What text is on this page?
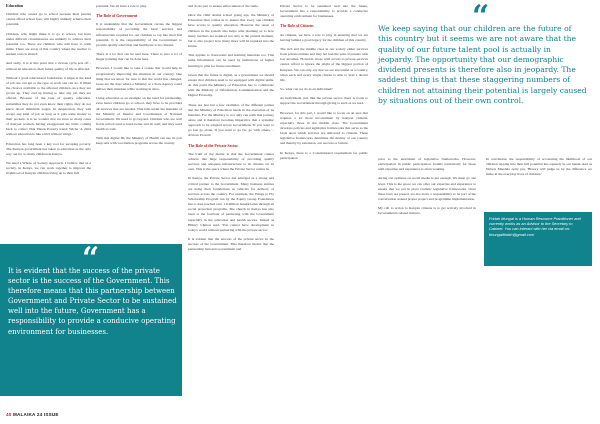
Education

Children who cannot go to school because their parents cannot afford school fees, will highly unlikely achieve their potential.

Children, who might make it to go to school, but have under difficult circumstances are unlikely to achieve their potential too. There are children who still have to walk miles. There are areas of this country where the teacher to student ratio is absurd.

And sadly, it is at this point that a vicious cycle sets off - without an education, their future quality of life is affected.

Without a good educational foundation, it impacts the kind of job one can get or the type of work one can do. It limits the choices available to the affected children once they are grown up. They end up having to take any job they are offered. Because of the lack of quality education, sometimes they do not even know their rights, they do not know about minimum wages. In desperation, they will accept any kind of job as long as it puts some money to their pockets. It is no wonder that we have so many cases of Kenyan workers having exaggerated the truth, coming back to collect This Tiktok Poverty trend: Wiche 'A child without education is like a bird without wings.'

Education has long been a key tool for escaping poverty. The Kenyan government has taken to education as the only way out for so many children in Kenya.

We need a Whole of Society Approach. I believe that as a society, in Kenya, we can work together to improve the livelihood of Kenyan children living up to their full

potential. We all have a role to play.

The Role of Government

It is undeniable that the Government carries the biggest responsibility of providing the basic services and infrastructure required for our children to tap into their full potential. It is the responsibility of the Government to provide quality education and healthcare to its citizens.

There is a lot that can be said here. There is also a lot of finger pointing that can be done here.

However, I would like to take a course that would help in progressively improving the situation in our country. One thing that we know for sure is that the world has changed. Gone are the days where a Ministry or a State Agency could deliver their mandate while working in silos.

Using education as an example on the need for partnership, even better children go to school, they have to be provided all services that are needed. This falls under the mandate of the Ministry of Interior and Coordination of National Government. We need to go beyond. Children who are well fed in school tend to learn better and do well, and they need health as well.

With this digital ID, the Ministry of Health can use its part keep tabs with vaccination programs across the country

and do its part to ensure enforcement of the same.

Once the child attains school going age, the Ministry of Education then comes in to ensure that every one children have access to quality education. However the onset of children in the system also helps with planning as to how many teachers are required not only at the present moment, but to also project how many more will be required into the future.

This applies to classrooms and learning materials too. This same information can be used by institutions of higher learning to plan for future enrolment.

Given that the future is digital, as a government we should ensure that children need to be equipped with digital skills. At this point the Ministry of Education has to collaborate with the Ministry of Information, Communication and the Digital Economy.

These are just but a few examples of the different parties that the Ministry of Education needs in the execution of its mandate. For the Ministry to not only can walk this journey alone and it therefore becomes imperative that a systemic approach to be adopted across Government. 'If you want to go fast go alone. If you want to go far, go with others.' - African Proverb

The Role of the Private Sector

The truth of the matter is that the Government cannot achieve this huge responsibility of providing quality services and adequate infrastructure to its citizens on its own. This is the space where the Private Sector comes in.

In Kenya, the Private Sector has emerged as a strong and critical partner to the Government. Many business entities are using their foundations as vehicles for delivery of services across the country. For example, the Wings to Fly Scholarship Program run by the Equity Group Foundation has to date reached over 1.9 million beneficiaries through its social protection programs. The church in Kenya has also been at the forefront of partnering with the Government especially in the education and health sectors. Indeed as Hillary Clinton said, 'You cannot have development in today's world without partnering with the private sector.'

It is evident that the success of the private sector in the success of the Government. This therefore means that the partnership between Government and

Private Sector to be sustained well into the future, Government has a responsibility to provide a conducive operating environment for businesses.

The Role of Citizens

As citizens, we have a role to play in ensuring that we are leaving behind a good legacy for the children of this country.

The rich and the middle class in our society either services from private entities and may not feel the pain of parents with low incomes. However, those with access to private services cannot afford to ignore the plight of the biggest portion of Kenyans. We can only say that we are successful as a country, when each and every single citizen is able to lead a decent life.

So, what can we do as an individual?

As individuals, just like the private sector, there is room to support the Government through giving to each as we lead.

However, for this part, I would like to focus on an area that requires a lot more involvement by Kenyan citizens, especially those in the middle class. The Government develops policies and legislative frameworks that serve as the basis upon which services are delivered to citizens. These legislative frameworks determine the destiny of our country and thereby by extension, our success or failure.

In Kenya, there is a Constitutional requirement for public participation

“
We keep saying that our children are the future of this country but it seems we are not aware that the quality of our future talent pool is actually in jeopardy. The opportunity that our demographic dividend presents is therefore also in jeopardy. The saddest thing is that these staggering numbers of children not attaining their potential is largely caused by situations out of their own control.

prior to the enactment of legislative frameworks. However, participation in public participation forums particularly for those with expertise and experience is often wanting.

Airing our opinions on social media is not enough. We must go one level. This is the space we can offer our expertise and experience to ensure that we put in place realistic legislative frameworks. Once these laws are passed, we also have a responsibility to be part of the conversation around proper project and programme implementation.

My call to action to Kenyan citizens is to get actively involved in Government's related matters.

In conclusion, the responsibility of accounting the likelihood of our children tapping into their full potential lies squarely in our hands. And as Nelson Mandela aptly put, 'History will judge us by the difference we make in the everyday lives of children.'

Fridah Mungai is a Human Resource Practitioner and currently works as an Advisor to the Secretary to Cabinet. You can interact with her via email on: fmungaifridah@gmail.com
“
It is evident that the success of the private sector is the success of the Government. This therefore means that this partnership between Government and Private Sector to be sustained well into the future, Government has a responsibility to provide a conducive operating environment for businesses.
40 MALAIKA 24 ISSUE
